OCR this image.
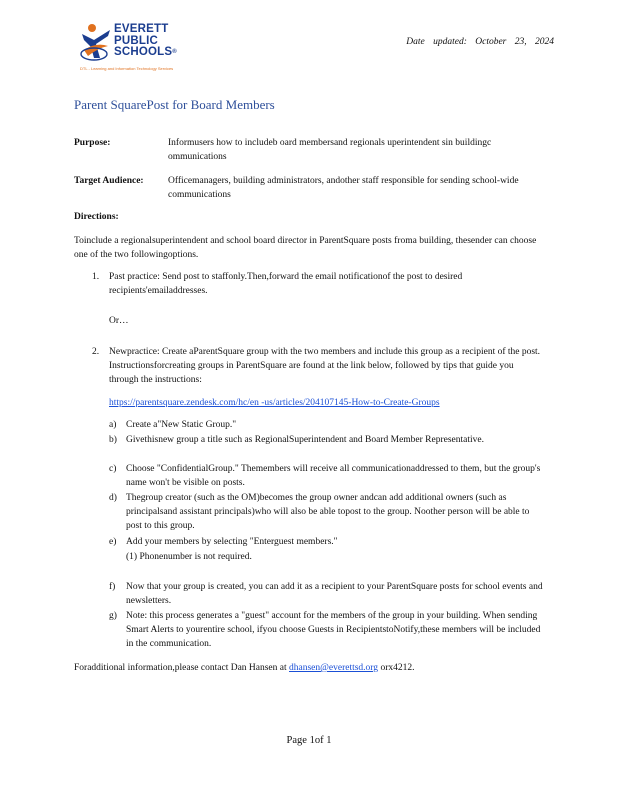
EVERETT
PUBLIC
SCHOOLS®
DTL - Learning and Information Technology Services
Date updated: October 23, 2024
Parent SquarePost for Board Members
Purpose:	Informusers how to includeb oard membersand regionals uperintendent sin buildingc ommunications
Target Audience:	Officemanagers, building administrators, andother staff responsible for sending school-wide communications
Directions:
Toinclude a regionalsuperintendent and school board director in ParentSquare posts froma building, thesender can choose one of the two followingoptions.
1. Past practice: Send post to staffonly.Then,forward the email notificationof the post to desired recipients'emailaddresses.
Or…
2. Newpractice: Create aParentSquare group with the two members and include this group as a recipient of the post. Instructionsforcreating groups in ParentSquare are found at the link below, followed by tips that guide you through the instructions:
https://parentsquare.zendesk.com/hc/en -us/articles/204107145-How-to-Create-Groups
a) Create a"New Static Group."
b) Givethisnew group a title such as RegionalSuperintendent and Board Member Representative.
c) Choose "ConfidentialGroup." Themembers will receive all communicationaddressed to them, but the group's name won't be visible on posts.
d) Thegroup creator (such as the OM)becomes the group owner andcan add additional owners (such as principalsand assistant principals)who will also be able topost to the group. Noother person will be able to post to this group.
e) Add your members by selecting "Enterguest members."
(1) Phonenumber is not required.
f) Now that your group is created, you can add it as a recipient to your ParentSquare posts for school events and newsletters.
g) Note: this process generates a "guest" account for the members of the group in your building. When sending Smart Alerts to yourentire school, ifyou choose Guests in RecipientstoNotify,these members will be included in the communication.
Foradditional information,please contact Dan Hansen at dhansen@everettsd.org orx4212.
Page 1of 1
